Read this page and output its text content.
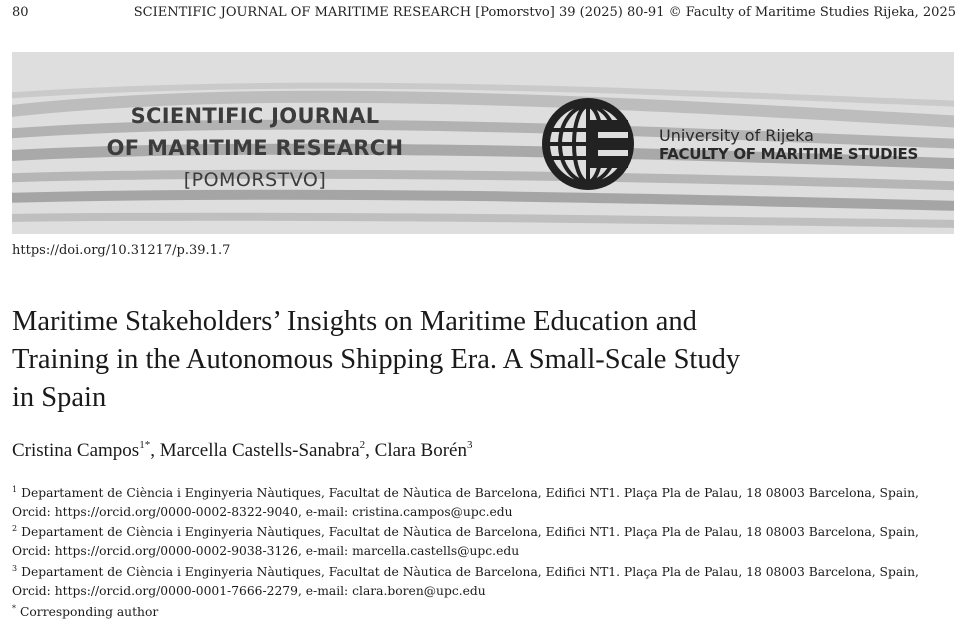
80	SCIENTIFIC JOURNAL OF MARITIME RESEARCH [Pomorstvo] 39 (2025) 80-91 © Faculty of Maritime Studies Rijeka, 2025
SCIENTIFIC JOURNAL
OF MARITIME RESEARCH
[POMORSTVO]
University of Rijeka
FACULTY OF MARITIME STUDIES
https://doi.org/10.31217/p.39.1.7
Maritime Stakeholders’ Insights on Maritime Education and
Training in the Autonomous Shipping Era. A Small-Scale Study
in Spain

Cristina Campos$^{1*}$, Marcella Castells-Sanabra$^2$, Clara Borén$^3$

$^1$ Departament de Ciència i Enginyeria Nàutiques, Facultat de Nàutica de Barcelona, Edifici NT1. Plaça Pla de Palau, 18 08003 Barcelona, Spain,
Orcid: https://orcid.org/0000-0002-8322-9040, e-mail: cristina.campos@upc.edu
$^2$ Departament de Ciència i Enginyeria Nàutiques, Facultat de Nàutica de Barcelona, Edifici NT1. Plaça Pla de Palau, 18 08003 Barcelona, Spain,
Orcid: https://orcid.org/0000-0002-9038-3126, e-mail: marcella.castells@upc.edu
$^3$ Departament de Ciència i Enginyeria Nàutiques, Facultat de Nàutica de Barcelona, Edifici NT1. Plaça Pla de Palau, 18 08003 Barcelona, Spain,
Orcid: https://orcid.org/0000-0001-7666-2279, e-mail: clara.boren@upc.edu
* Corresponding author
